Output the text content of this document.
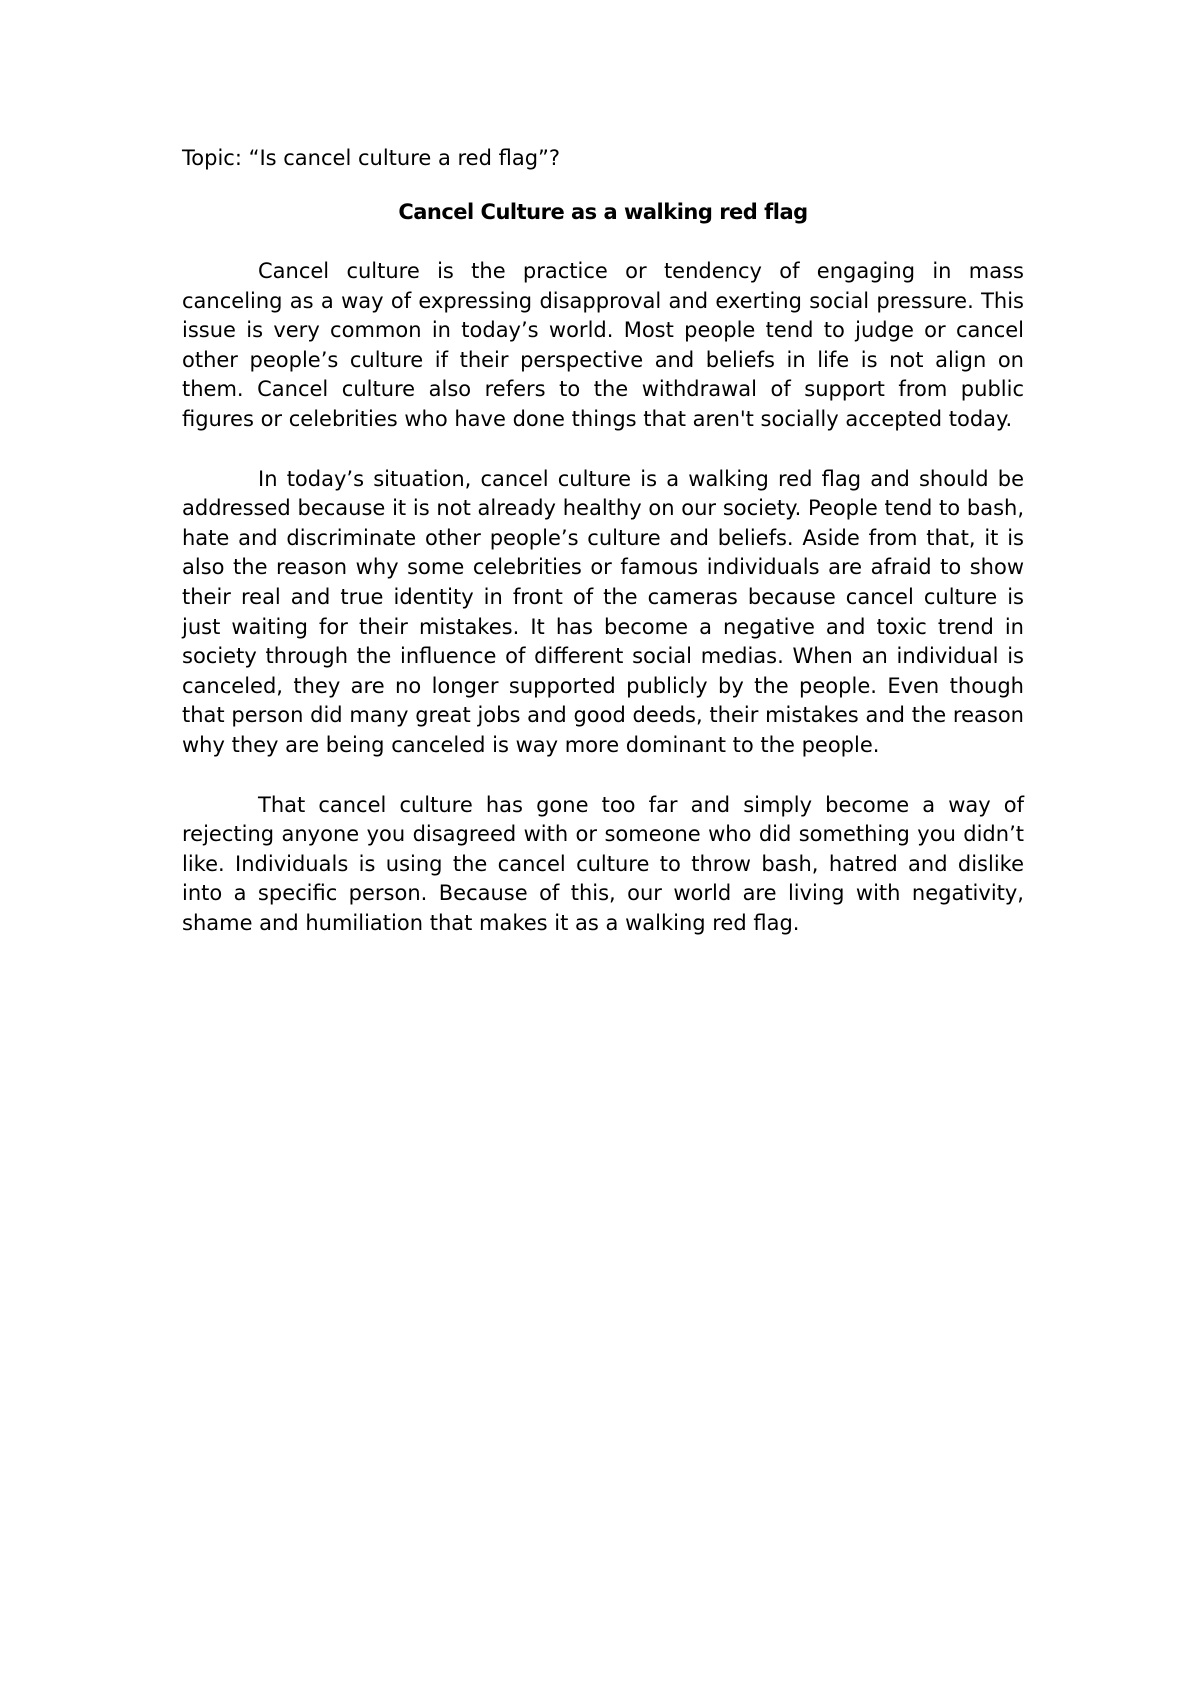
Topic: “Is cancel culture a red flag”?

Cancel Culture as a walking red flag

Cancel culture is the practice or tendency of engaging in mass canceling as a way of expressing disapproval and exerting social pressure. This issue is very common in today’s world. Most people tend to judge or cancel other people’s culture if their perspective and beliefs in life is not align on them. Cancel culture also refers to the withdrawal of support from public figures or celebrities who have done things that aren't socially accepted today.

In today’s situation, cancel culture is a walking red flag and should be addressed because it is not already healthy on our society. People tend to bash, hate and discriminate other people’s culture and beliefs. Aside from that, it is also the reason why some celebrities or famous individuals are afraid to show their real and true identity in front of the cameras because cancel culture is just waiting for their mistakes. It has become a negative and toxic trend in society through the influence of different social medias. When an individual is canceled, they are no longer supported publicly by the people. Even though that person did many great jobs and good deeds, their mistakes and the reason why they are being canceled is way more dominant to the people.

That cancel culture has gone too far and simply become a way of rejecting anyone you disagreed with or someone who did something you didn’t like. Individuals is using the cancel culture to throw bash, hatred and dislike into a specific person. Because of this, our world are living with negativity, shame and humiliation that makes it as a walking red flag.
